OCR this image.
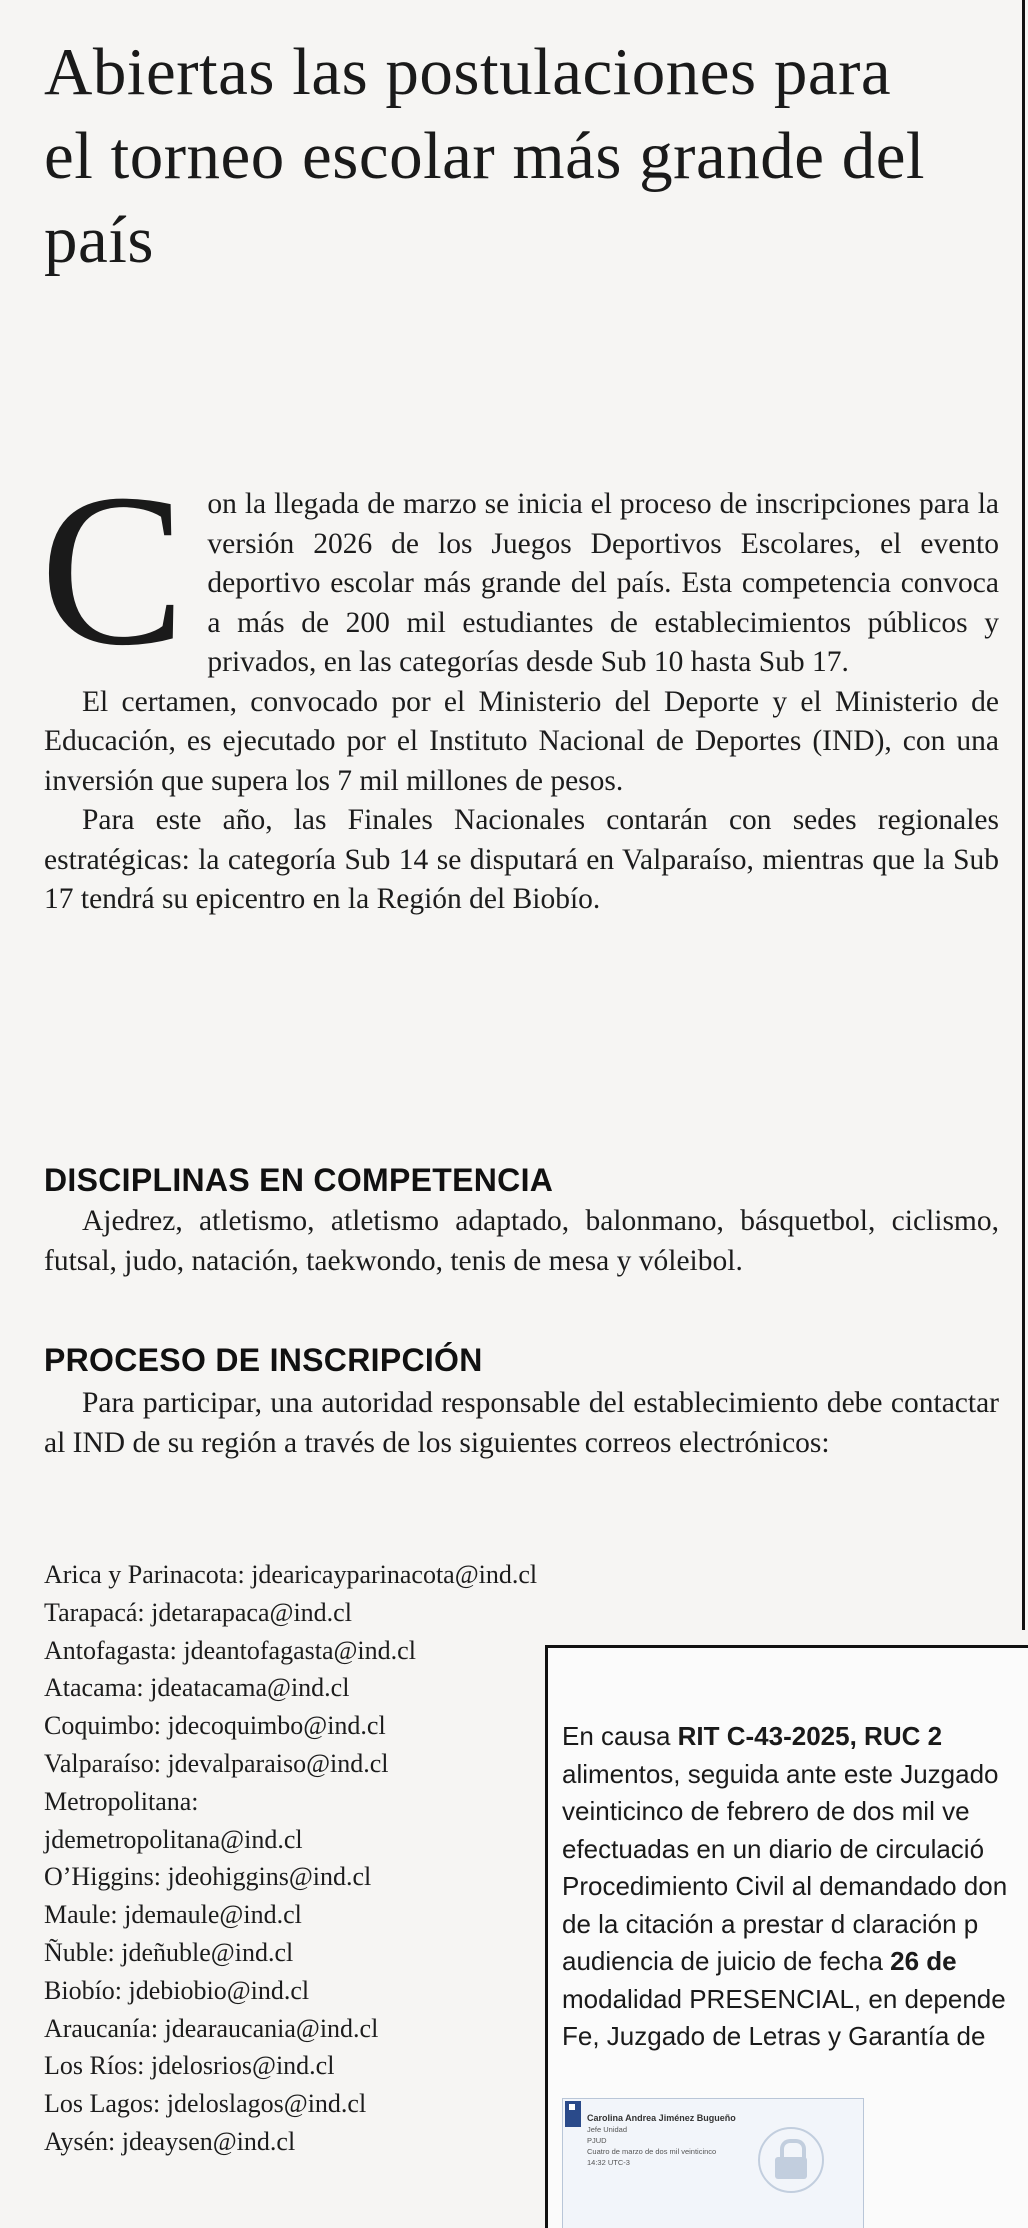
Abiertas las postulaciones para el torneo escolar más grande del país

C on la llegada de marzo se inicia el proceso de inscripciones para la versión 2026 de los Juegos Deportivos Escolares, el evento deportivo escolar más grande del país. Esta competencia convoca a más de 200 mil estudiantes de establecimientos públicos y privados, en las categorías desde Sub 10 hasta Sub 17.

El certamen, convocado por el Ministerio del Deporte y el Ministerio de Educación, es ejecutado por el Instituto Nacional de Deportes (IND), con una inversión que supera los 7 mil millones de pesos.

Para este año, las Finales Nacionales contarán con sedes regionales estratégicas: la categoría Sub 14 se disputará en Valparaíso, mientras que la Sub 17 tendrá su epicentro en la Región del Biobío.

DISCIPLINAS EN COMPETENCIA

Ajedrez, atletismo, atletismo adaptado, balonmano, básquetbol, ciclismo, futsal, judo, natación, taekwondo, tenis de mesa y vóleibol.

PROCESO DE INSCRIPCIÓN

Para participar, una autoridad responsable del establecimiento debe contactar al IND de su región a través de los siguientes correos electrónicos:

Arica y Parinacota: jdearicayparinacota@ind.cl
Tarapacá: jdetarapaca@ind.cl
Antofagasta: jdeantofagasta@ind.cl
Atacama: jdeatacama@ind.cl
Coquimbo: jdecoquimbo@ind.cl
Valparaíso: jdevalparaiso@ind.cl
Metropolitana:
jdemetropolitana@ind.cl
O’Higgins: jdeohiggins@ind.cl
Maule: jdemaule@ind.cl
Ñuble: jdeñuble@ind.cl
Biobío: jdebiobio@ind.cl
Araucanía: jdearaucania@ind.cl
Los Ríos: jdelosrios@ind.cl
Los Lagos: jdeloslagos@ind.cl
Aysén: jdeaysen@ind.cl
En causa RIT C-43-2025, RUC 2
alimentos, seguida ante este Juzgado
veinticinco de febrero de dos mil ve
efectuadas en un diario de circulació
Procedimiento Civil al demandado don
de la citación a prestar d claración p
audiencia de juicio de fecha 26 de
modalidad PRESENCIAL, en depende
Fe, Juzgado de Letras y Garantía de
Carolina Andrea Jiménez Bugueño
Jefe Unidad
PJUD
Cuatro de marzo de dos mil veinticinco
14:32 UTC-3
